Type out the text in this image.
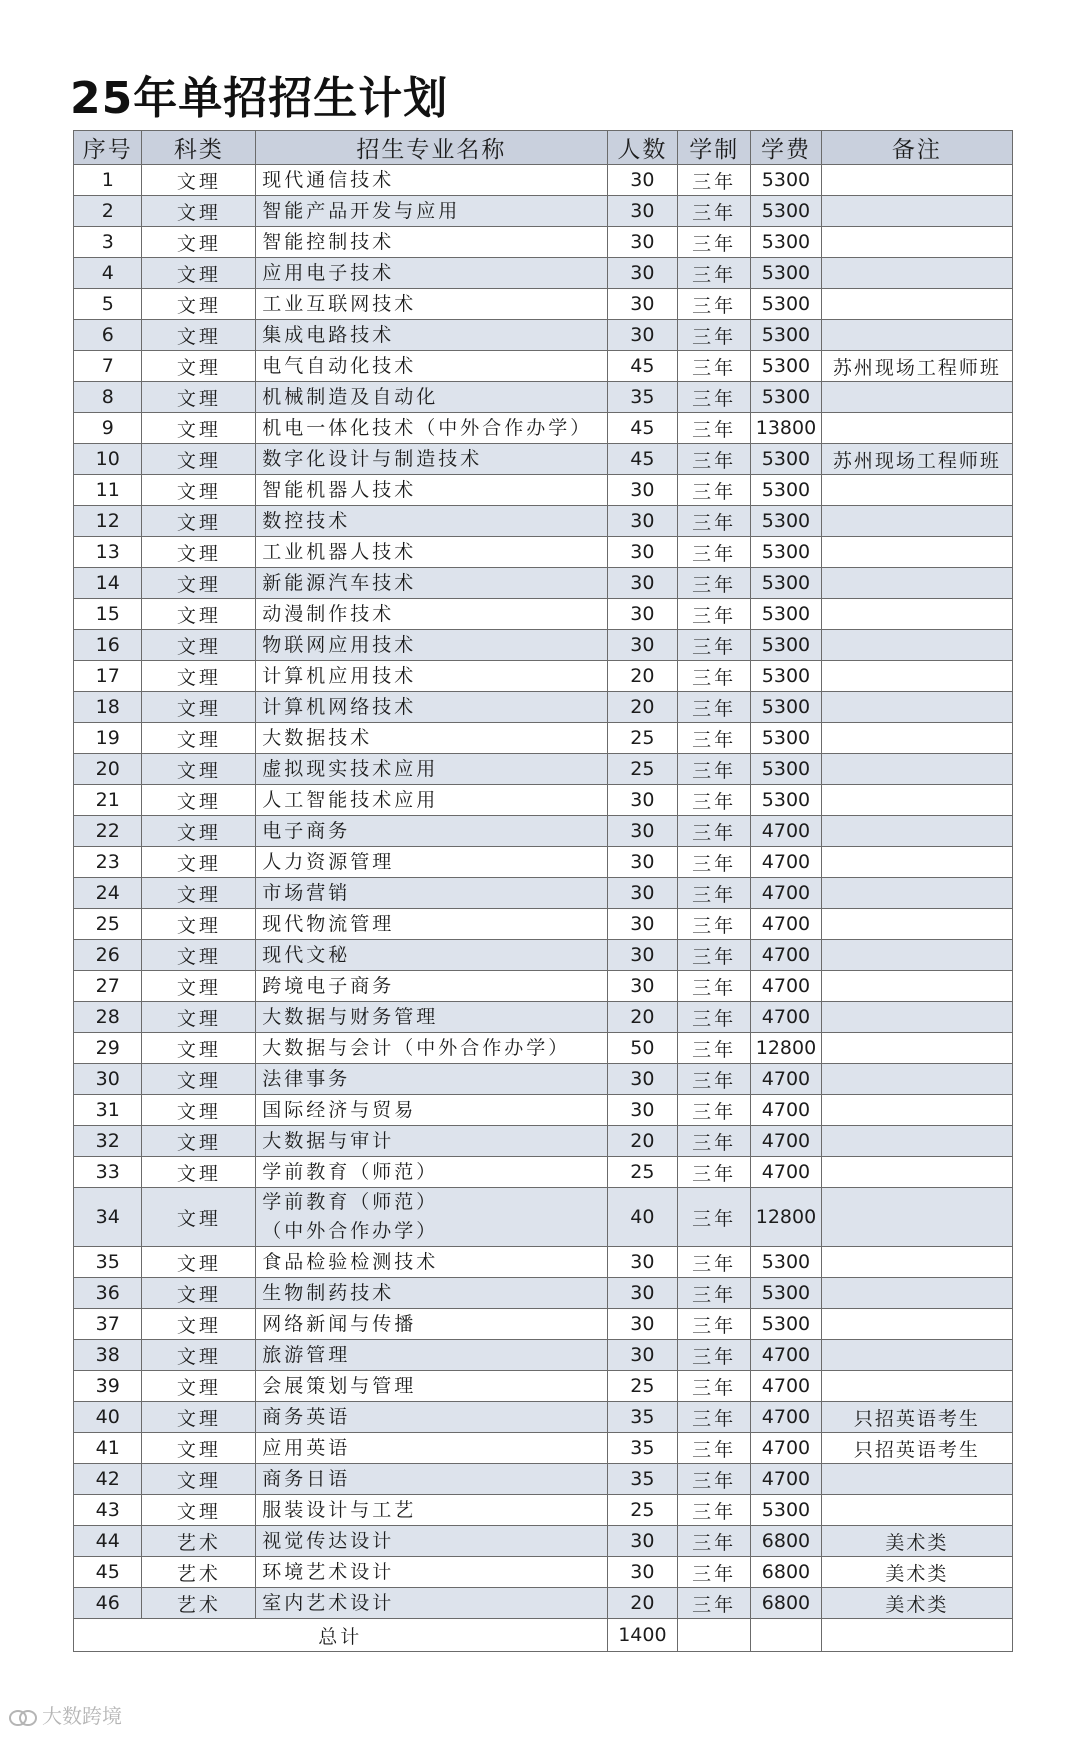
25年单招招生计划
序号	科类	招生专业名称	人数	学制	学费	备注
1	文理	现代通信技术	30	三年	5300	
2	文理	智能产品开发与应用	30	三年	5300	
3	文理	智能控制技术	30	三年	5300	
4	文理	应用电子技术	30	三年	5300	
5	文理	工业互联网技术	30	三年	5300	
6	文理	集成电路技术	30	三年	5300	
7	文理	电气自动化技术	45	三年	5300	苏州现场工程师班
8	文理	机械制造及自动化	35	三年	5300	
9	文理	机电一体化技术（中外合作办学）	45	三年	13800	
10	文理	数字化设计与制造技术	45	三年	5300	苏州现场工程师班
11	文理	智能机器人技术	30	三年	5300	
12	文理	数控技术	30	三年	5300	
13	文理	工业机器人技术	30	三年	5300	
14	文理	新能源汽车技术	30	三年	5300	
15	文理	动漫制作技术	30	三年	5300	
16	文理	物联网应用技术	30	三年	5300	
17	文理	计算机应用技术	20	三年	5300	
18	文理	计算机网络技术	20	三年	5300	
19	文理	大数据技术	25	三年	5300	
20	文理	虚拟现实技术应用	25	三年	5300	
21	文理	人工智能技术应用	30	三年	5300	
22	文理	电子商务	30	三年	4700	
23	文理	人力资源管理	30	三年	4700	
24	文理	市场营销	30	三年	4700	
25	文理	现代物流管理	30	三年	4700	
26	文理	现代文秘	30	三年	4700	
27	文理	跨境电子商务	30	三年	4700	
28	文理	大数据与财务管理	20	三年	4700	
29	文理	大数据与会计（中外合作办学）	50	三年	12800	
30	文理	法律事务	30	三年	4700	
31	文理	国际经济与贸易	30	三年	4700	
32	文理	大数据与审计	20	三年	4700	
33	文理	学前教育（师范）	25	三年	4700	
34	文理	学前教育（师范）
（中外合作办学）	40	三年	12800	
35	文理	食品检验检测技术	30	三年	5300	
36	文理	生物制药技术	30	三年	5300	
37	文理	网络新闻与传播	30	三年	5300	
38	文理	旅游管理	30	三年	4700	
39	文理	会展策划与管理	25	三年	4700	
40	文理	商务英语	35	三年	4700	只招英语考生
41	文理	应用英语	35	三年	4700	只招英语考生
42	文理	商务日语	35	三年	4700	
43	文理	服装设计与工艺	25	三年	5300	
44	艺术	视觉传达设计	30	三年	6800	美术类
45	艺术	环境艺术设计	30	三年	6800	美术类
46	艺术	室内艺术设计	20	三年	6800	美术类
总计			1400			
大数跨境
